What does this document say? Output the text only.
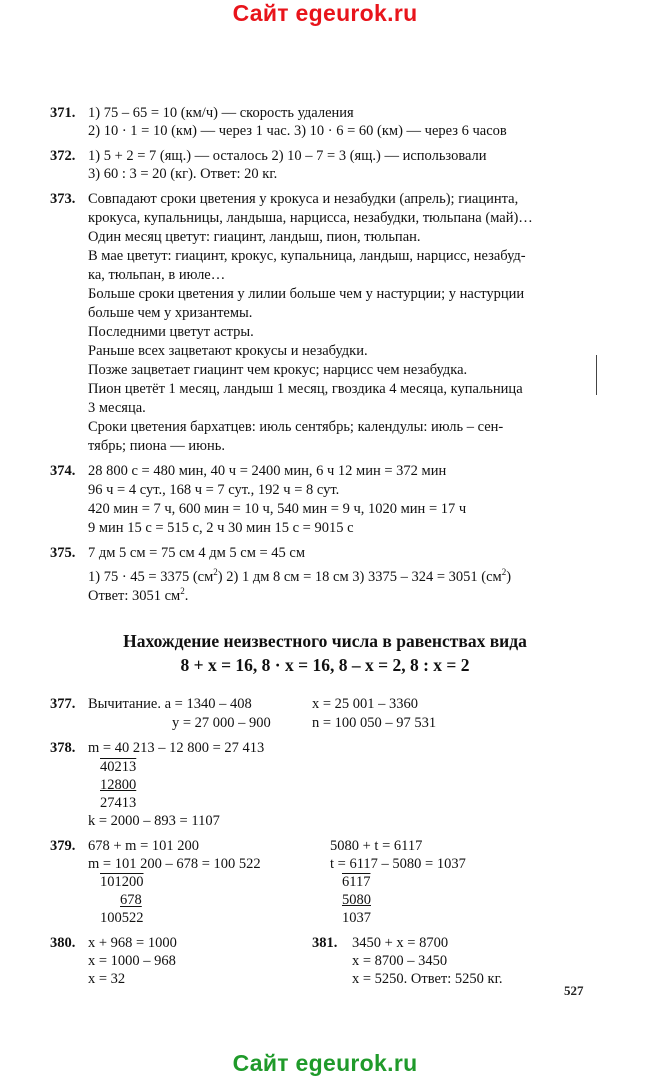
Сайт egeurok.ru
371. 1) 75 – 65 = 10 (км/ч) — скорость удаления
2) 10 · 1 = 10 (км) — через 1 час. 3) 10 · 6 = 60 (км) — через 6 часов
372. 1) 5 + 2 = 7 (ящ.) — осталось 2) 10 – 7 = 3 (ящ.) — использовали
3) 60 : 3 = 20 (кг). Ответ: 20 кг.
373. Совпадают сроки цветения у крокуса и незабудки (апрель); гиацинта,
крокуса, купальницы, ландыша, нарцисса, незабудки, тюльпана (май)…
Один месяц цветут: гиацинт, ландыш, пион, тюльпан.
В мае цветут: гиацинт, крокус, купальница, ландыш, нарцисс, незабуд-
ка, тюльпан, в июле…
Больше сроки цветения у лилии больше чем у настурции; у настурции
больше чем у хризантемы.
Последними цветут астры.
Раньше всех зацветают крокусы и незабудки.
Позже зацветает гиацинт чем крокус; нарцисс чем незабудка.
Пион цветёт 1 месяц, ландыш 1 месяц, гвоздика 4 месяца, купальница
3 месяца.
Сроки цветения бархатцев: июль сентябрь; календулы: июль – сен-
тябрь; пиона — июнь.
374. 28 800 с = 480 мин, 40 ч = 2400 мин, 6 ч 12 мин = 372 мин
96 ч = 4 сут., 168 ч = 7 сут., 192 ч = 8 сут.
420 мин = 7 ч, 600 мин = 10 ч, 540 мин = 9 ч, 1020 мин = 17 ч
9 мин 15 с = 515 с, 2 ч 30 мин 15 с = 9015 с
375. 7 дм 5 см = 75 см 4 дм 5 см = 45 см
1) 75 · 45 = 3375 $(см^2)$ 2) 1 дм 8 см = 18 см 3) 3375 – 324 = 3051 $(см^2)$
Ответ: 3051 $см^2$.
Нахождение неизвестного числа в равенствах вида
8 + x = 16, 8 · x = 16, 8 – x = 2, 8 : x = 2
377. Вычитание. a = 1340 – 408	x = 25 001 – 3360
y = 27 000 – 900	n = 100 050 – 97 531
378. m = 40 213 – 12 800 = 27 413
40213
12800
27413
k = 2000 – 893 = 1107
379. 678 + m = 101 200
m = 101 200 – 678 = 100 522
101200
678
100522
5080 + t = 6117
t = 6117 – 5080 = 1037
6117
5080
1037
380. x + 968 = 1000
x = 1000 – 968
x = 32
381. 3450 + x = 8700
x = 8700 – 3450
x = 5250. Ответ: 5250 кг.
527
Сайт egeurok.ru
